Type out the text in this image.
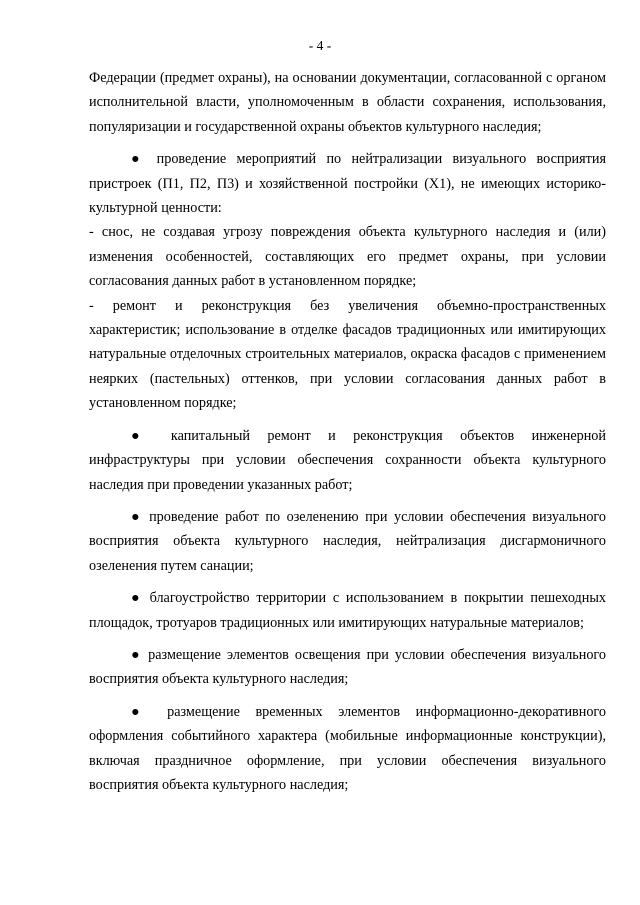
- 4 -

Федерации (предмет охраны), на основании документации, согласованной с органом исполнительной власти, уполномоченным в области сохранения, использования, популяризации и государственной охраны объектов культурного наследия;

● проведение мероприятий по нейтрализации визуального восприятия пристроек (П1, П2, П3) и хозяйственной постройки (Х1), не имеющих историко-культурной ценности:

- снос, не создавая угрозу повреждения объекта культурного наследия и (или) изменения особенностей, составляющих его предмет охраны, при условии согласования данных работ в установленном порядке;

- ремонт и реконструкция без увеличения объемно-пространственных характеристик; использование в отделке фасадов традиционных или имитирующих натуральные отделочных строительных материалов, окраска фасадов с применением неярких (пастельных) оттенков, при условии согласования данных работ в установленном порядке;

● капитальный ремонт и реконструкция объектов инженерной инфраструктуры при условии обеспечения сохранности объекта культурного наследия при проведении указанных работ;

● проведение работ по озеленению при условии обеспечения визуального восприятия объекта культурного наследия, нейтрализация дисгармоничного озеленения путем санации;

● благоустройство территории с использованием в покрытии пешеходных площадок, тротуаров традиционных или имитирующих натуральные материалов;

● размещение элементов освещения при условии обеспечения визуального восприятия объекта культурного наследия;

● размещение временных элементов информационно-декоративного оформления событийного характера (мобильные информационные конструкции), включая праздничное оформление, при условии обеспечения визуального восприятия объекта культурного наследия;
